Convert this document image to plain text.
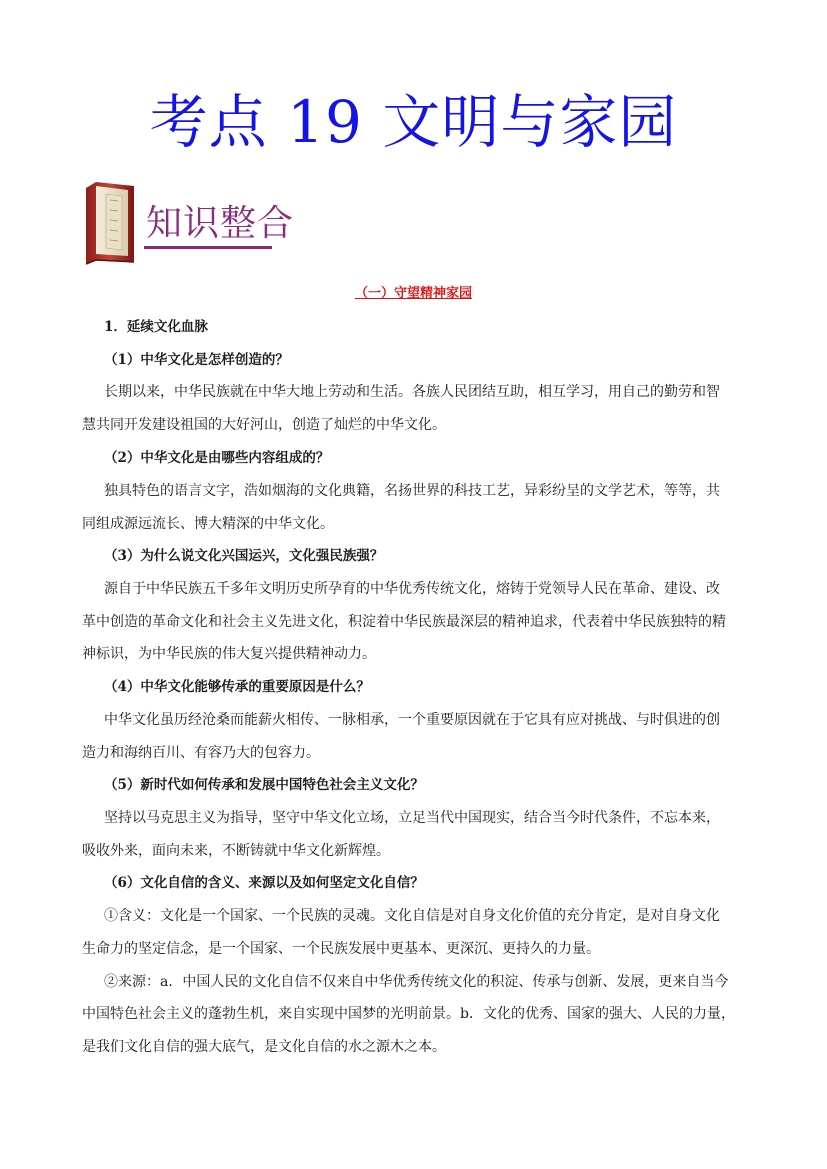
考点 19 文明与家园
知识整合
（一）守望精神家园
1．延续文化血脉
（1）中华文化是怎样创造的？
长期以来，中华民族就在中华大地上劳动和生活。各族人民团结互助，相互学习，用自己的勤劳和智
慧共同开发建设祖国的大好河山，创造了灿烂的中华文化。
（2）中华文化是由哪些内容组成的？
独具特色的语言文字，浩如烟海的文化典籍，名扬世界的科技工艺，异彩纷呈的文学艺术，等等，共
同组成源远流长、博大精深的中华文化。
（3）为什么说文化兴国运兴，文化强民族强？
源自于中华民族五千多年文明历史所孕育的中华优秀传统文化，熔铸于党领导人民在革命、建设、改
革中创造的革命文化和社会主义先进文化，积淀着中华民族最深层的精神追求，代表着中华民族独特的精
神标识，为中华民族的伟大复兴提供精神动力。
（4）中华文化能够传承的重要原因是什么？
中华文化虽历经沧桑而能薪火相传、一脉相承，一个重要原因就在于它具有应对挑战、与时俱进的创
造力和海纳百川、有容乃大的包容力。
（5）新时代如何传承和发展中国特色社会主义文化？
坚持以马克思主义为指导，坚守中华文化立场，立足当代中国现实，结合当今时代条件，不忘本来，
吸收外来，面向未来，不断铸就中华文化新辉煌。
（6）文化自信的含义、来源以及如何坚定文化自信？
①含义：文化是一个国家、一个民族的灵魂。文化自信是对自身文化价值的充分肯定，是对自身文化
生命力的坚定信念，是一个国家、一个民族发展中更基本、更深沉、更持久的力量。
②来源：a．中国人民的文化自信不仅来自中华优秀传统文化的积淀、传承与创新、发展，更来自当今
中国特色社会主义的蓬勃生机，来自实现中国梦的光明前景。b．文化的优秀、国家的强大、人民的力量，
是我们文化自信的强大底气，是文化自信的水之源木之本。
